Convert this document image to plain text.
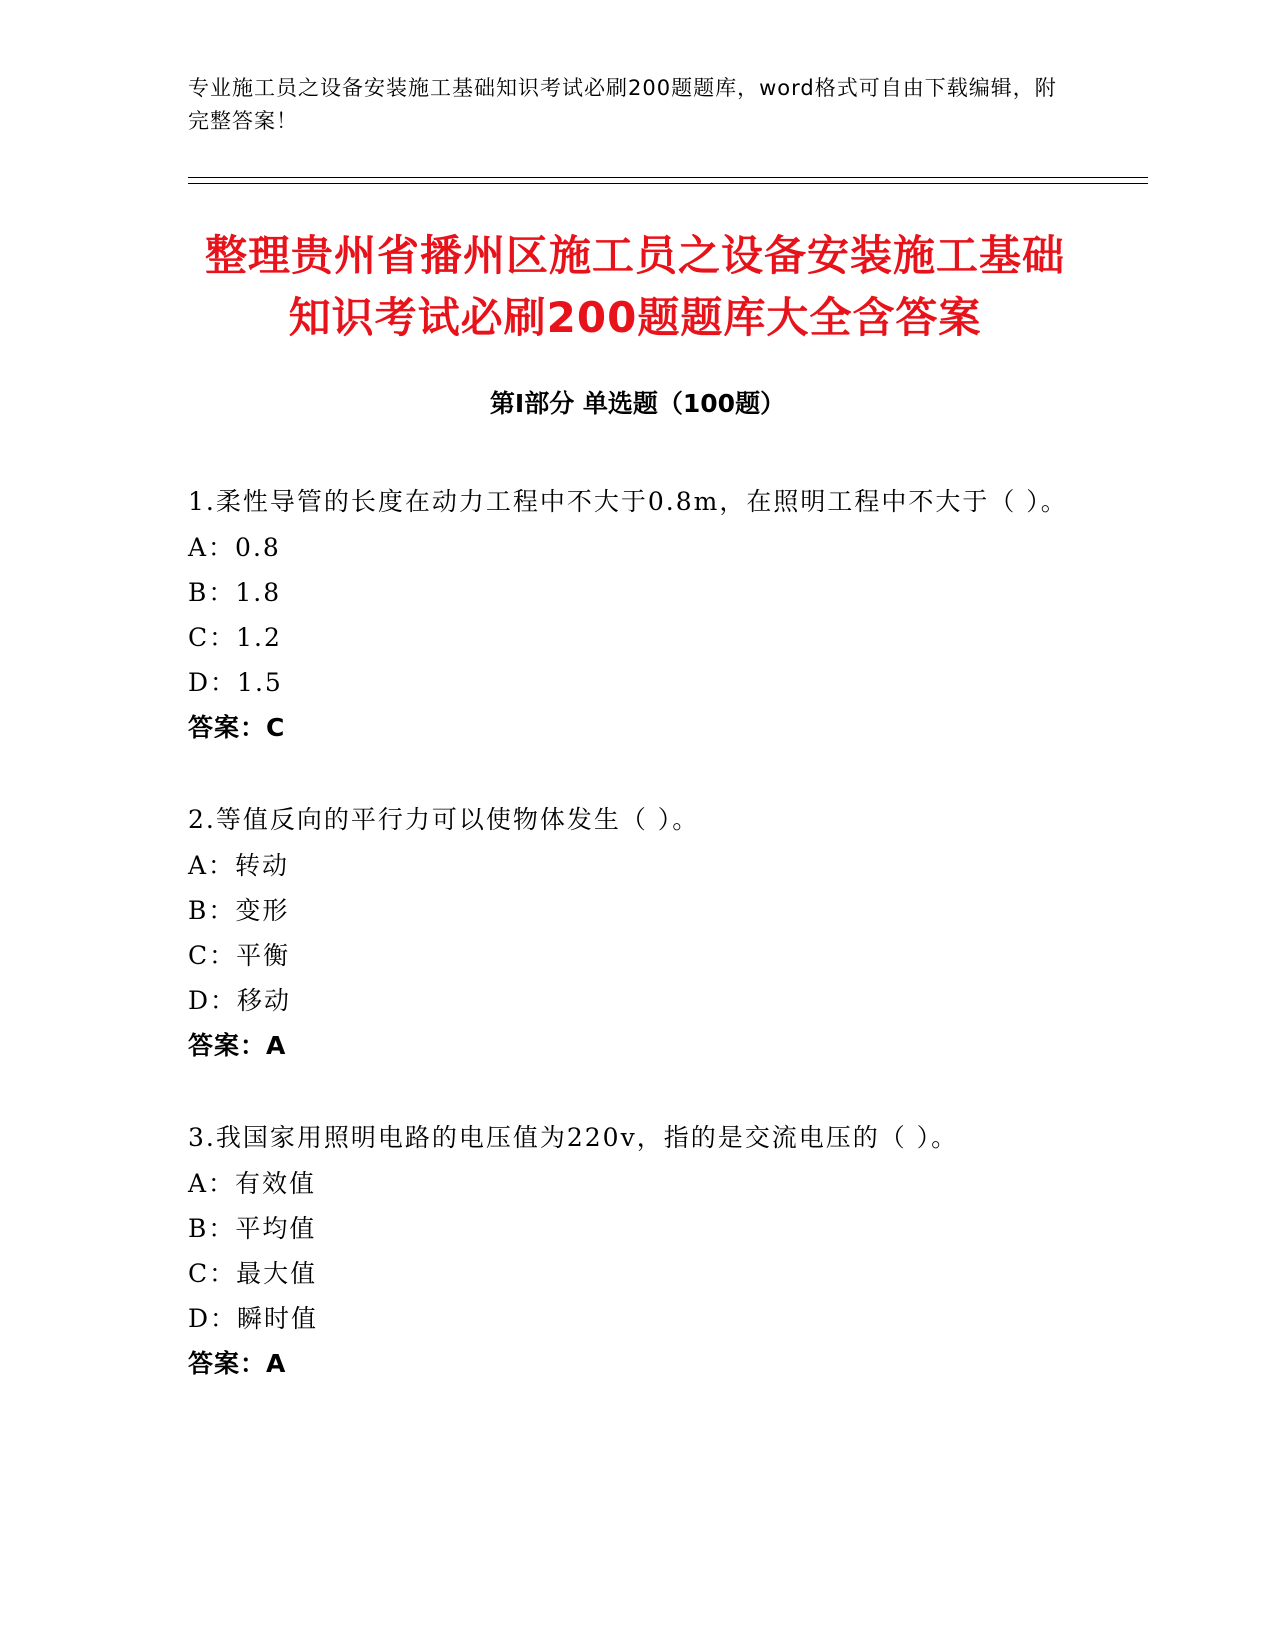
专业施工员之设备安装施工基础知识考试必刷200题题库，word格式可自由下载编辑，附完整答案！
整理贵州省播州区施工员之设备安装施工基础知识考试必刷200题题库大全含答案
第Ⅰ部分 单选题（100题）
1.柔性导管的长度在动力工程中不大于0.8m，在照明工程中不大于（ ）。
A：0.8
B：1.8
C：1.2
D：1.5
答案：C
2.等值反向的平行力可以使物体发生（ ）。
A：转动
B：变形
C：平衡
D：移动
答案：A
3.我国家用照明电路的电压值为220v，指的是交流电压的（ ）。
A：有效值
B：平均值
C：最大值
D：瞬时值
答案：A
